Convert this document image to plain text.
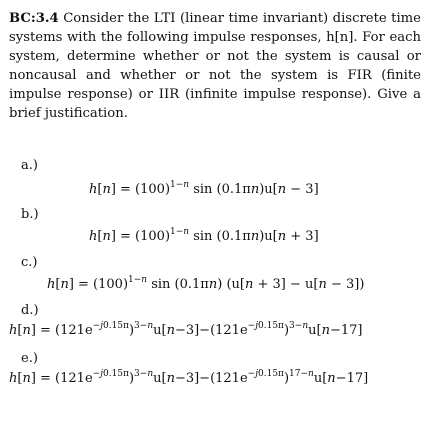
BC:3.4 Consider the LTI (linear time invariant) discrete time systems with the following impulse responses, h[n]. For each system, determine whether or not the system is causal or noncausal and whether or not the system is FIR (finite impulse response) or IIR (infinite impulse response). Give a brief justification.
a.)
$h[n] = (100)^{1-n}$ sin (0.1πn)u[n − 3]
b.)
$h[n] = (100)^{1-n}$ sin (0.1πn)u[n + 3]
c.)
$h[n] = (100)^{1-n}$ sin (0.1πn) (u[n + 3] − u[n − 3])
d.)
$h[n] = (121e^{-j0.15\pi})^{3-n}u[n-3]-(121e^{-j0.15\pi})^{3-n}u[n-17]$
e.)
$h[n] = (121e^{-j0.15\pi})^{3-n}u[n-3]-(121e^{-j0.15\pi})^{17-n}u[n-17]$
